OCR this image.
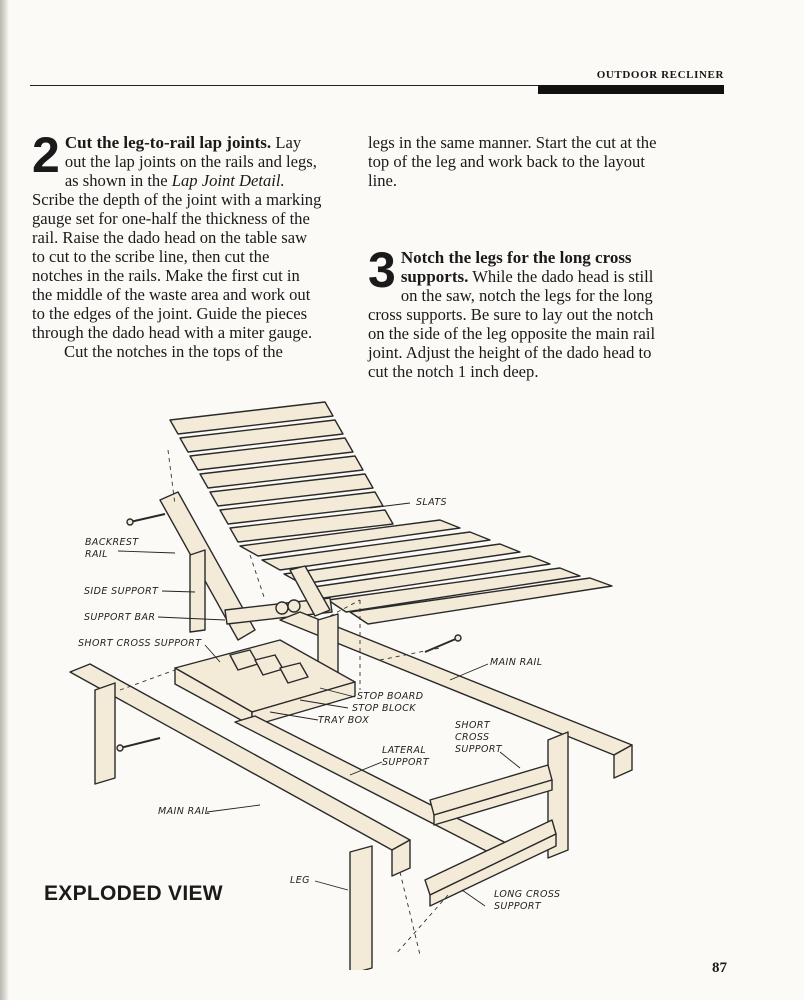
OUTDOOR RECLINER
2 Cut the leg-to-rail lap joints. Lay out the lap joints on the rails and legs, as shown in the Lap Joint Detail. Scribe the depth of the joint with a marking gauge set for one-half the thickness of the rail. Raise the dado head on the table saw to cut to the scribe line, then cut the notches in the rails. Make the first cut in the middle of the waste area and work out to the edges of the joint. Guide the pieces through the dado head with a miter gauge.

Cut the notches in the tops of the

legs in the same manner. Start the cut at the top of the leg and work back to the layout line.

3 Notch the legs for the long cross supports. While the dado head is still on the saw, notch the legs for the long cross supports. Be sure to lay out the notch on the side of the leg opposite the main rail joint. Adjust the height of the dado head to cut the notch 1 inch deep.

SLATS
BACKREST RAIL
SIDE SUPPORT
SUPPORT BAR
SHORT CROSS SUPPORT
MAIN RAIL
STOP BOARD
STOP BLOCK
TRAY BOX	SHORT CROSS SUPPORT
LATERAL SUPPORT
MAIN RAIL
LEG
LONG CROSS SUPPORT
EXPLODED VIEW
87
